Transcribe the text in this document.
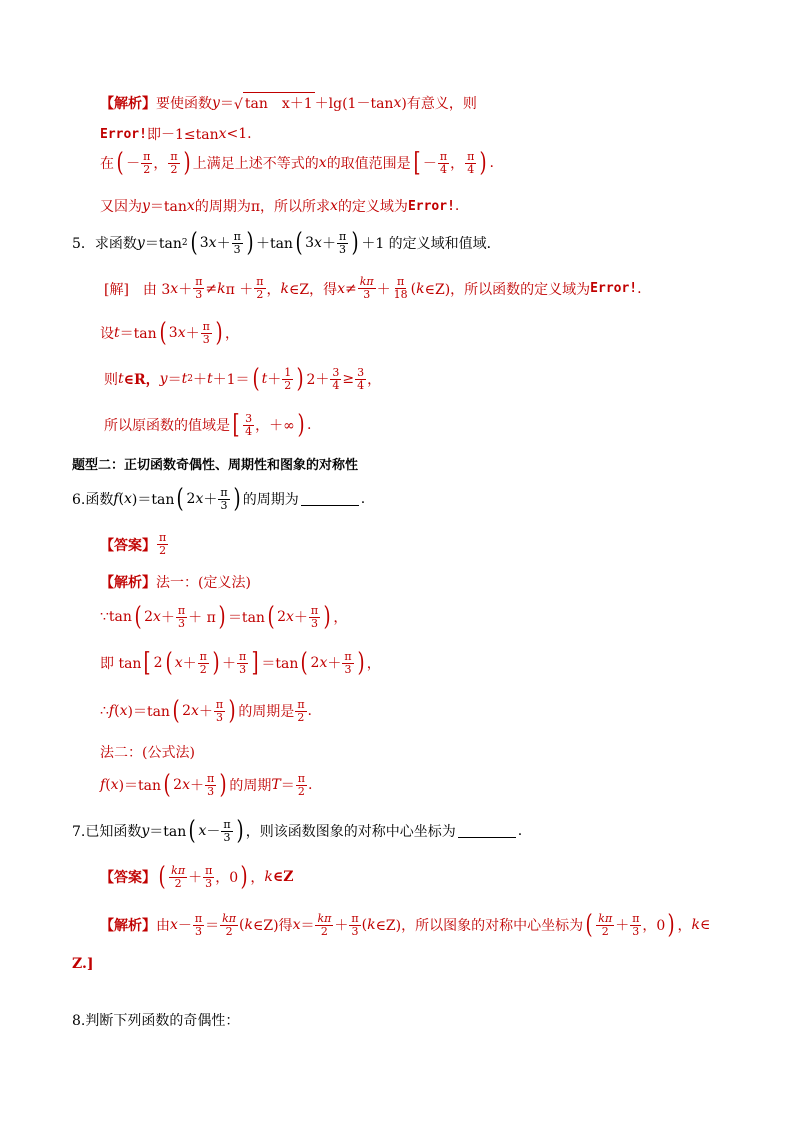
【解析】 要使函数 y ＝ √ tan　x＋1 ＋lg(1－tan x )有意义，则
Error! 即－1≤tan x <1.
在 ( － $\frac{\pi}{2}$ ， $\frac{\pi}{2}$ ) 上满足上述不等式的 x 的取值范围是 [ － $\frac{\pi}{4}$ ， $\frac{\pi}{4}$ ) .
又因为 y ＝tan x 的周期为π，所以所求 x 的定义域为 Error! .
5．求函数 y ＝tan 2 ( 3 $x + \frac{\pi}{3}$ ) ＋tan ( 3 $x + \frac{\pi}{3}$ ) ＋1 的定义域和值域．
[解]　由 3 $x + \frac{\pi}{3} \ne k$ $\pi + \frac{\pi}{2}$ ， k ∈Z，得 $x \ne \frac{k\pi}{3} + \frac{\pi}{18}$ ( k ∈Z)，所以函数的定义域为 Error! .
设 t ＝tan ( 3 $x + \frac{\pi}{3}$ ) ，
则 t ∈R， y ＝ t 2 ＋ t ＋1＝ ( $t + \frac{1}{2}$ ) $2+ \frac{3}{4} \ge \frac{3}{4}$ ，
所以原函数的值域是 [ $\frac{3}{4}$ ，＋∞ ) .
题型二：正切函数奇偶性、周期性和图象的对称性
6.函数 f ( x )＝tan ( 2 $x + \frac{\pi}{3}$ ) 的周期为	.
【答案】 $\frac{\pi}{2}$
【解析】 法一：(定义法)
∵tan ( 2 $x + \frac{\pi}{3} + \pi$ ) ＝tan ( 2 $x + \frac{\pi}{3}$ ) ，
即 tan [ 2 ( $x + \frac{\pi}{2}$ ) ＋ $\frac{\pi}{3}$ ] ＝tan ( 2 $x + \frac{\pi}{3}$ ) ，
∴ f ( x )＝tan ( 2 $x + \frac{\pi}{3}$ ) 的周期是 $\frac{\pi}{2}$ .
法二：(公式法)
f ( x )＝tan ( 2 $x + \frac{\pi}{3}$ ) 的周期 $T = \frac{\pi}{2}$ .
7.已知函数 y ＝tan ( $x - \frac{\pi}{3}$ ) ，则该函数图象的对称中心坐标为	.
【答案】 ( $\frac{k\pi}{2} + \frac{\pi}{3}$ ，0 ) ， k ∈Z
【解析】 由 $x - \frac{\pi}{3} = \frac{k\pi}{2}$ ( k ∈Z)得 $x = \frac{k\pi}{2} + \frac{\pi}{3}$ ( k ∈Z)，所以图象的对称中心坐标为 ( $\frac{k\pi}{2} + \frac{\pi}{3}$ ，0 ) ， k ∈
Z.]
8.判断下列函数的奇偶性：
